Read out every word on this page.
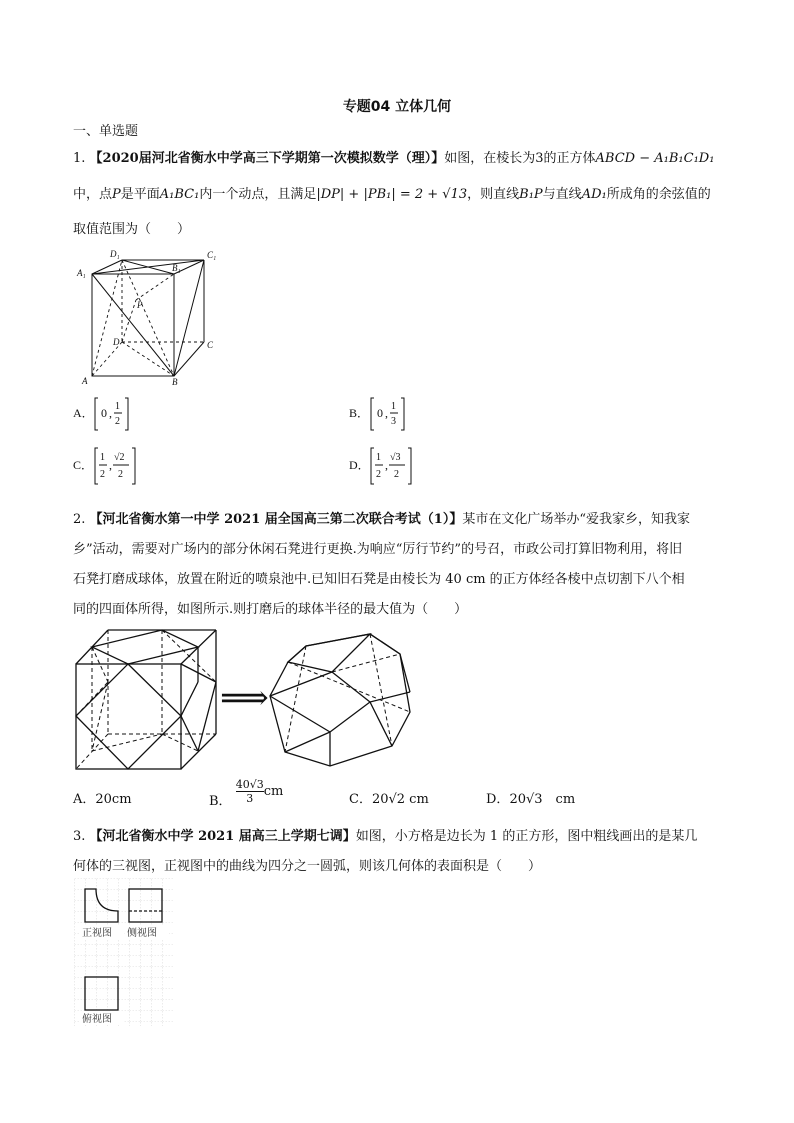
专题04 立体几何
一、单选题
1. 【2020届河北省衡水中学高三下学期第一次模拟数学（理）】如图，在棱长为3的正方体ABCD − A₁B₁C₁D₁
中，点P是平面A₁BC₁内一个动点，且满足|DP| + |PB₁| = 2 + √13，则直线B₁P与直线AD₁所成角的余弦值的
取值范围为（　　）
D₁	C₁
A₁	B₁
P
D	C
A	B
A． 0 , 1
2
B． 0 , 1
3
C．
1
2
,
√2
2
D．
1
2
,
√3
2
2. 【河北省衡水第一中学 2021 届全国高三第二次联合考试（1）】某市在文化广场举办“爱我家乡，知我家
乡”活动，需要对广场内的部分休闲石凳进行更换.为响应“厉行节约”的号召，市政公司打算旧物利用，将旧
石凳打磨成球体，放置在附近的喷泉池中.已知旧石凳是由棱长为 40 cm 的正方体经各棱中点切割下八个相
同的四面体所得，如图所示.则打磨后的球体半径的最大值为（　　）
⟹
A．20cm	B． $\frac{40√3}{3}$ cm
C．20√2 cm	D．20√3　cm
3. 【河北省衡水中学 2021 届高三上学期七调】如图，小方格是边长为 1 的正方形，图中粗线画出的是某几
何体的三视图，正视图中的曲线为四分之一圆弧，则该几何体的表面积是（　　）
正视图 侧视图
俯视图
